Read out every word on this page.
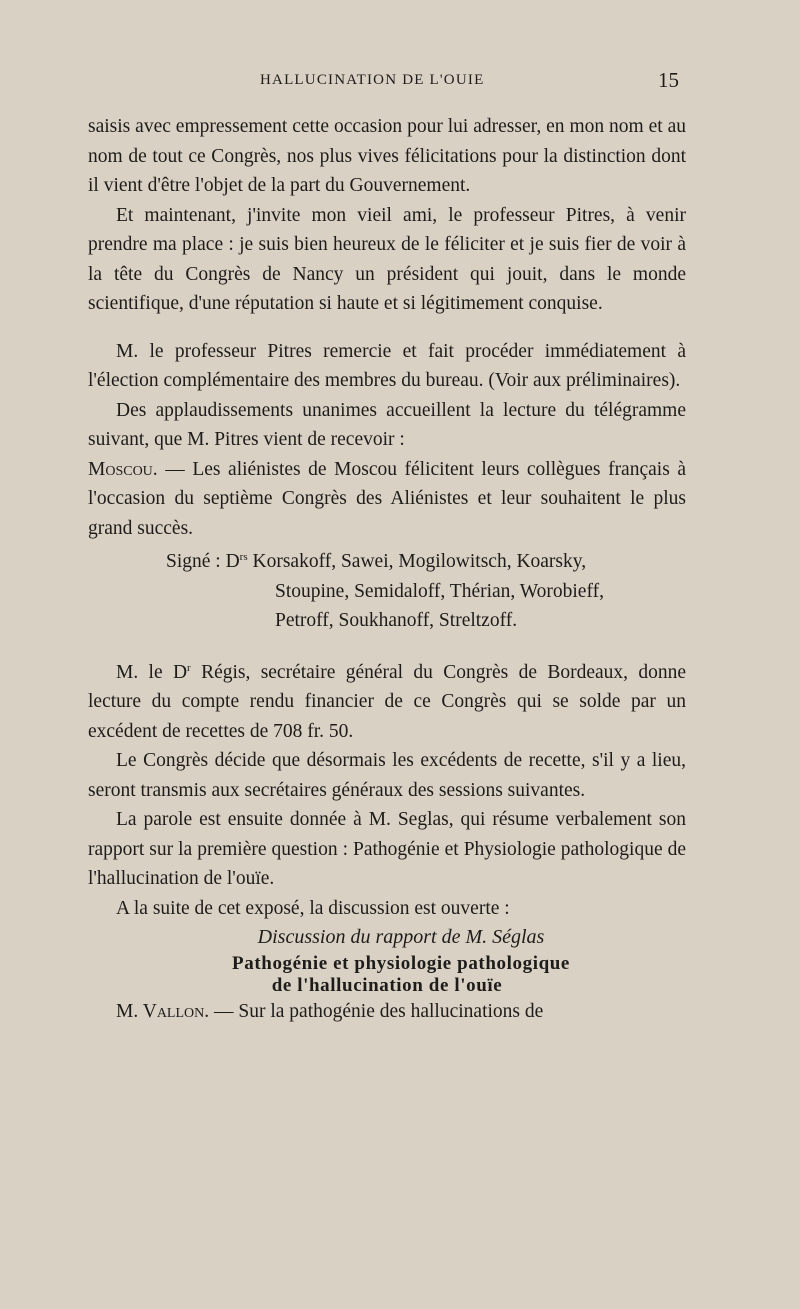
HALLUCINATION DE L'OUIE	15

saisis avec empressement cette occasion pour lui adresser, en mon nom et au nom de tout ce Congrès, nos plus vives félicitations pour la distinction dont il vient d'être l'objet de la part du Gouvernement.

Et maintenant, j'invite mon vieil ami, le professeur Pitres, à venir prendre ma place : je suis bien heureux de le féliciter et je suis fier de voir à la tête du Congrès de Nancy un président qui jouit, dans le monde scientifique, d'une réputation si haute et si légitimement conquise.

M. le professeur Pitres remercie et fait procéder immédiatement à l'élection complémentaire des membres du bureau. (Voir aux préliminaires).

Des applaudissements unanimes accueillent la lecture du télégramme suivant, que M. Pitres vient de recevoir :

Moscou. — Les aliénistes de Moscou félicitent leurs collègues français à l'occasion du septième Congrès des Aliénistes et leur souhaitent le plus grand succès.

Signé : $D^{rs}$ Korsakoff, Sawei, Mogilowitsch, Koarsky,
Stoupine, Semidaloff, Thérian, Worobieff,
Petroff, Soukhanoff, Streltzoff.

M. le $D^r$ Régis, secrétaire général du Congrès de Bordeaux, donne lecture du compte rendu financier de ce Congrès qui se solde par un excédent de recettes de 708 fr. 50.

Le Congrès décide que désormais les excédents de recette, s'il y a lieu, seront transmis aux secrétaires généraux des sessions suivantes.

La parole est ensuite donnée à M. Seglas, qui résume verbalement son rapport sur la première question : Pathogénie et Physiologie pathologique de l'hallucination de l'ouïe.

A la suite de cet exposé, la discussion est ouverte :

Discussion du rapport de M. Séglas

Pathogénie et physiologie pathologique
de l'hallucination de l'ouïe

M. Vallon. — Sur la pathogénie des hallucinations de
